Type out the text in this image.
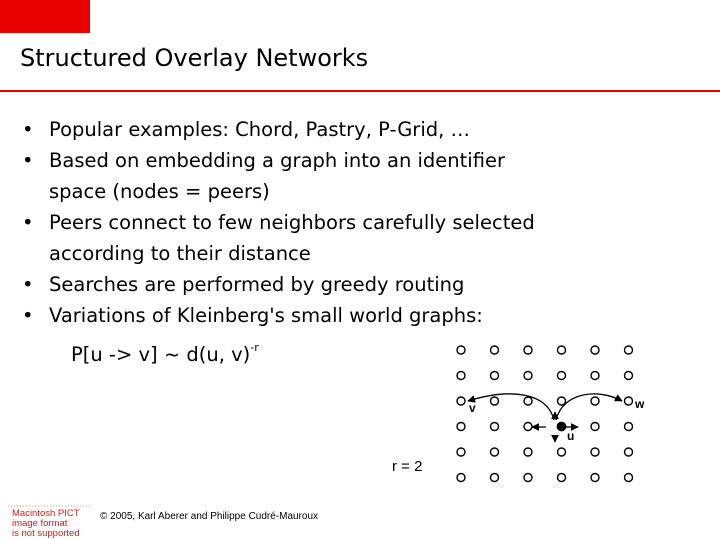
Structured Overlay Networks
• Popular examples: Chord, Pastry, P-Grid, …
• Based on embedding a graph into an identifier
space (nodes = peers)
• Peers connect to few neighbors carefully selected
according to their distance
• Searches are performed by greedy routing
• Variations of Kleinberg's small world graphs:
P[u -> v] ~ d(u, v)$^{-r}$
r = 2
v	w
u
© 2005, Karl Aberer and Philippe Cudré-Mauroux
Macintosh PICT
image format
is not supported
